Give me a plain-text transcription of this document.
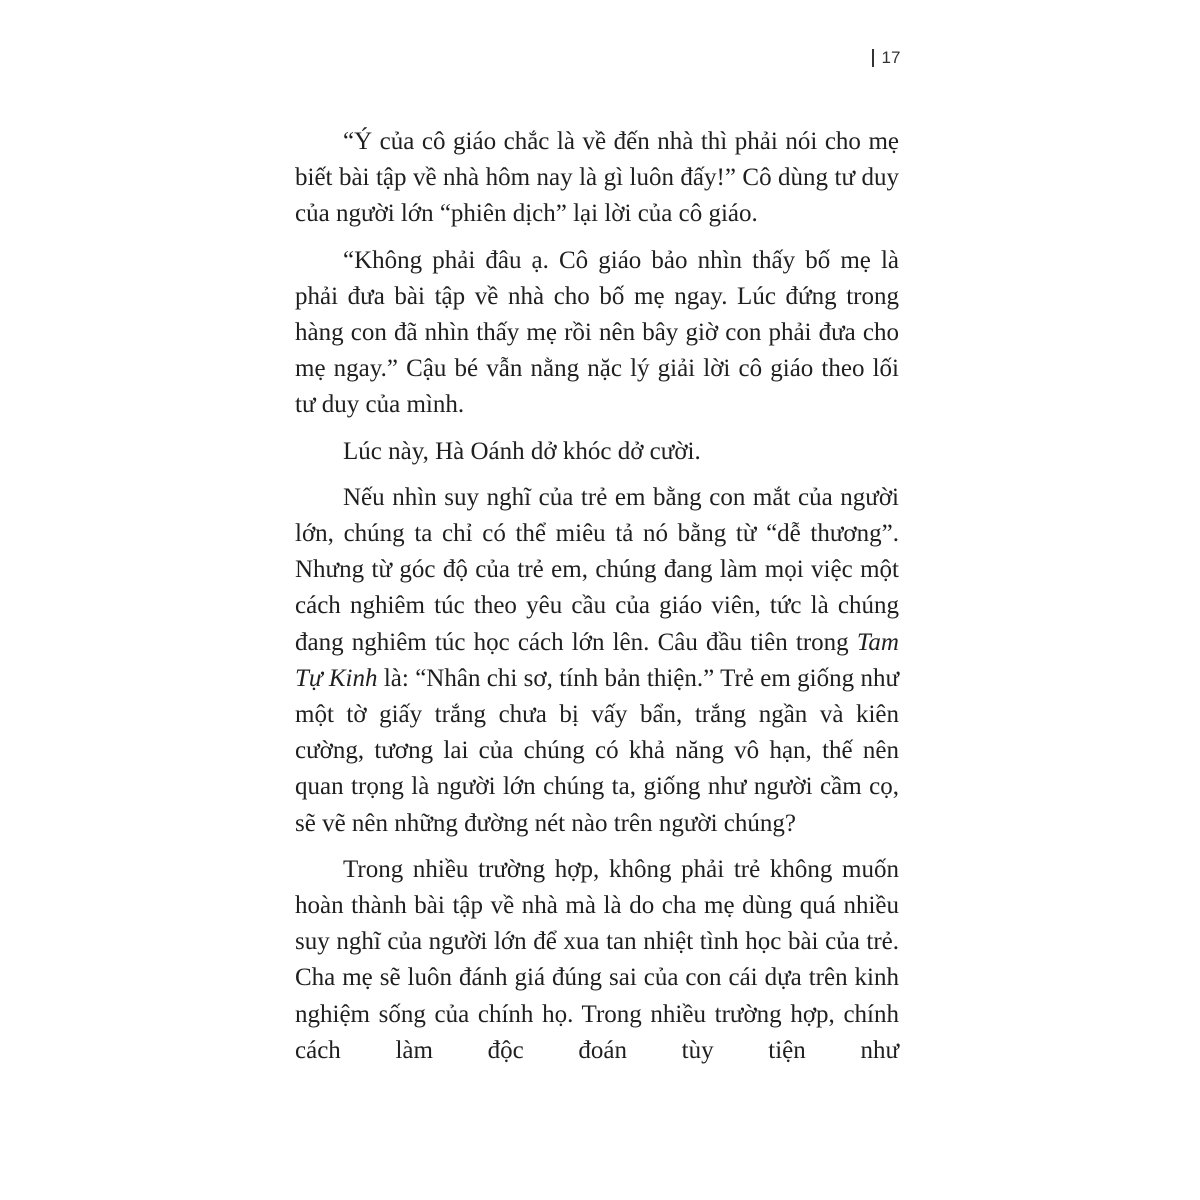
17

“Ý của cô giáo chắc là về đến nhà thì phải nói cho mẹ biết bài tập về nhà hôm nay là gì luôn đấy!” Cô dùng tư duy của người lớn “phiên dịch” lại lời của cô giáo.

“Không phải đâu ạ. Cô giáo bảo nhìn thấy bố mẹ là phải đưa bài tập về nhà cho bố mẹ ngay. Lúc đứng trong hàng con đã nhìn thấy mẹ rồi nên bây giờ con phải đưa cho mẹ ngay.” Cậu bé vẫn nằng nặc lý giải lời cô giáo theo lối tư duy của mình.

Lúc này, Hà Oánh dở khóc dở cười.

Nếu nhìn suy nghĩ của trẻ em bằng con mắt của người lớn, chúng ta chỉ có thể miêu tả nó bằng từ “dễ thương”. Nhưng từ góc độ của trẻ em, chúng đang làm mọi việc một cách nghiêm túc theo yêu cầu của giáo viên, tức là chúng đang nghiêm túc học cách lớn lên. Câu đầu tiên trong Tam Tự Kinh là: “Nhân chi sơ, tính bản thiện.” Trẻ em giống như một tờ giấy trắng chưa bị vấy bẩn, trắng ngần và kiên cường, tương lai của chúng có khả năng vô hạn, thế nên quan trọng là người lớn chúng ta, giống như người cầm cọ, sẽ vẽ nên những đường nét nào trên người chúng?

Trong nhiều trường hợp, không phải trẻ không muốn hoàn thành bài tập về nhà mà là do cha mẹ dùng quá nhiều suy nghĩ của người lớn để xua tan nhiệt tình học bài của trẻ. Cha mẹ sẽ luôn đánh giá đúng sai của con cái dựa trên kinh nghiệm sống của chính họ. Trong nhiều trường hợp, chính cách làm độc đoán tùy tiện như
